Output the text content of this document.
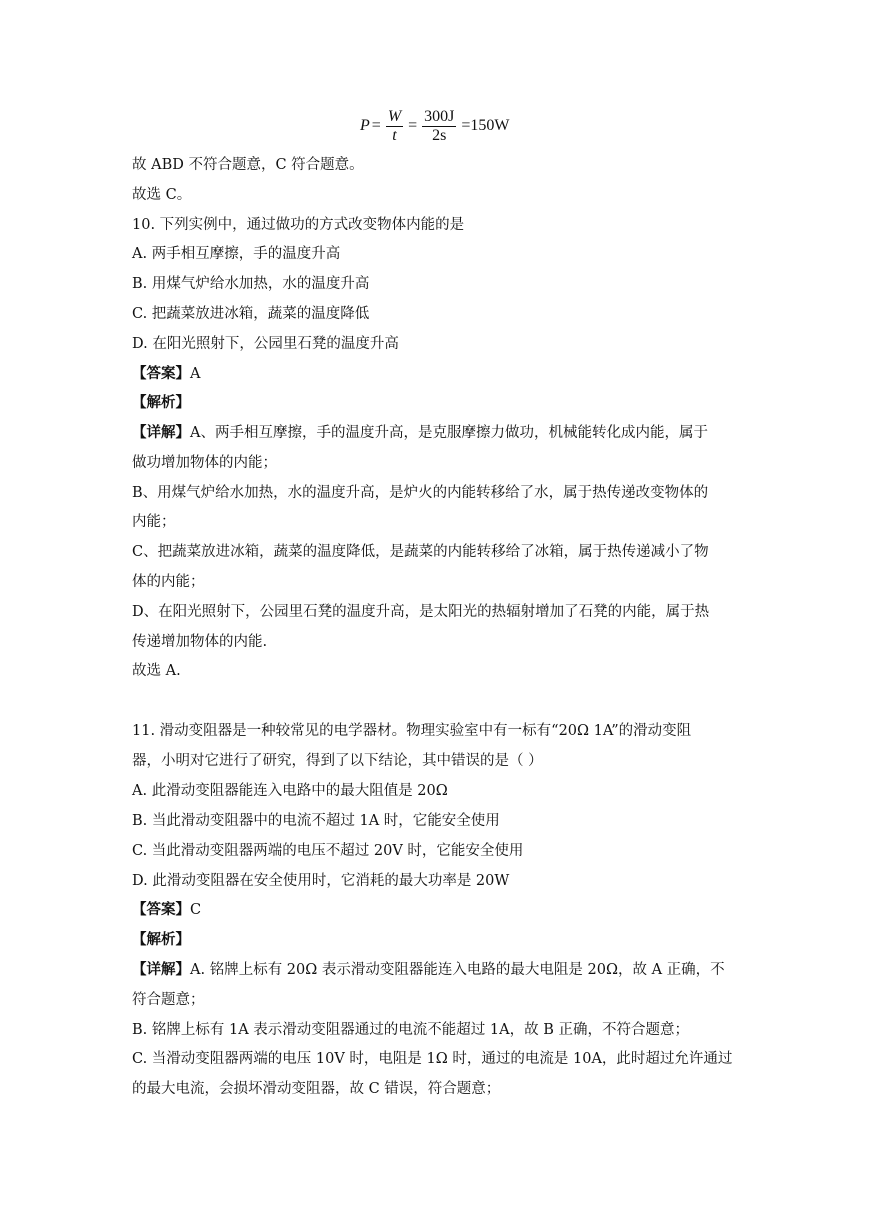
$P = \frac{W}{t} = \frac{300J}{2s} =150W$
故 ABD 不符合题意，C 符合题意。
故选 C。
10. 下列实例中，通过做功的方式改变物体内能的是
A. 两手相互摩擦，手的温度升高
B. 用煤气炉给水加热，水的温度升高
C. 把蔬菜放进冰箱，蔬菜的温度降低
D. 在阳光照射下，公园里石凳的温度升高
【答案】A
【解析】
【详解】A、两手相互摩擦，手的温度升高，是克服摩擦力做功，机械能转化成内能，属于
做功增加物体的内能；
B、用煤气炉给水加热，水的温度升高，是炉火的内能转移给了水，属于热传递改变物体的
内能；
C、把蔬菜放进冰箱，蔬菜的温度降低，是蔬菜的内能转移给了冰箱，属于热传递减小了物
体的内能；
D、在阳光照射下，公园里石凳的温度升高，是太阳光的热辐射增加了石凳的内能，属于热
传递增加物体的内能.
故选 A.
11. 滑动变阻器是一种较常见的电学器材。物理实验室中有一标有“20Ω 1A”的滑动变阻
器，小明对它进行了研究，得到了以下结论，其中错误的是（ ）
A. 此滑动变阻器能连入电路中的最大阻值是 20Ω
B. 当此滑动变阻器中的电流不超过 1A 时，它能安全使用
C. 当此滑动变阻器两端的电压不超过 20V 时，它能安全使用
D. 此滑动变阻器在安全使用时，它消耗的最大功率是 20W
【答案】C
【解析】
【详解】A. 铭牌上标有 20Ω 表示滑动变阻器能连入电路的最大电阻是 20Ω，故 A 正确，不
符合题意；
B. 铭牌上标有 1A 表示滑动变阻器通过的电流不能超过 1A，故 B 正确，不符合题意；
C. 当滑动变阻器两端的电压 10V 时，电阻是 1Ω 时，通过的电流是 10A，此时超过允许通过
的最大电流，会损坏滑动变阻器，故 C 错误，符合题意；
